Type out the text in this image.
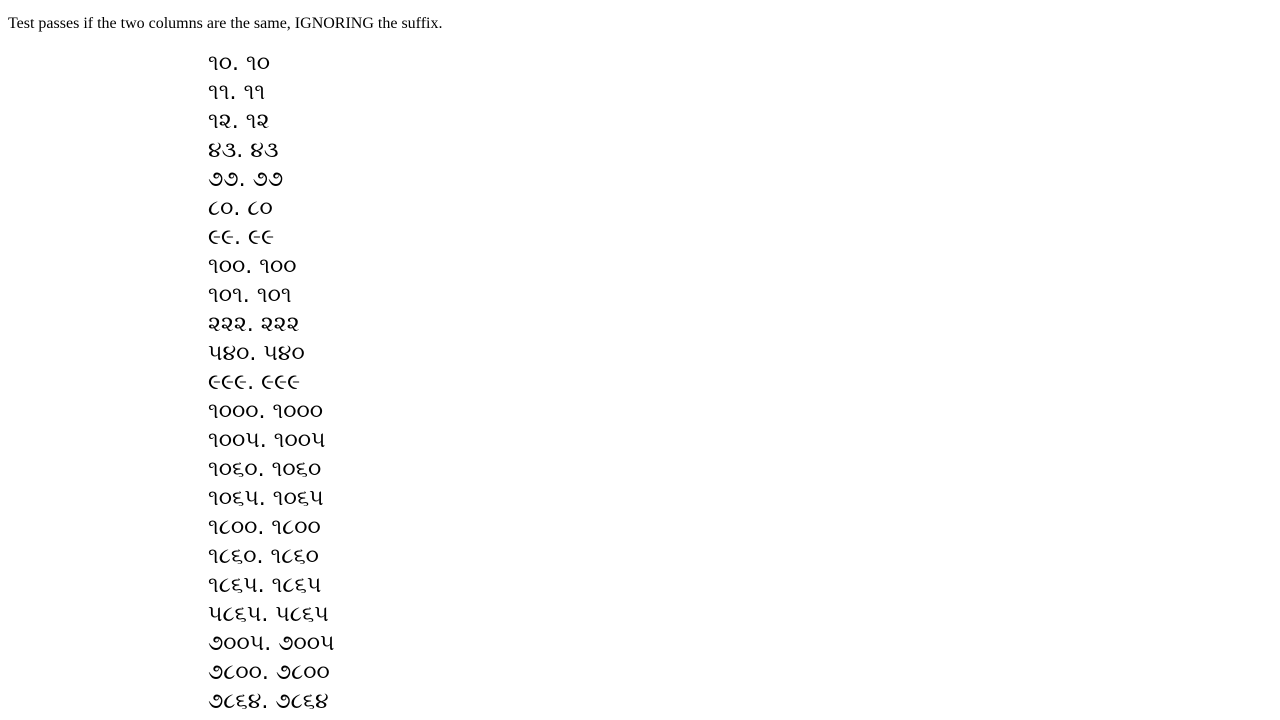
Test passes if the two columns are the same, IGNORING the suffix.

૧૦. ૧૦
૧૧. ૧૧
૧૨. ૧૨
૪૩. ૪૩
૭૭. ૭૭
૮૦. ૮૦
૯૯. ૯૯
૧૦૦. ૧૦૦
૧૦૧. ૧૦૧
૨૨૨. ૨૨૨
૫૪૦. ૫૪૦
૯૯૯. ૯૯૯
૧૦૦૦. ૧૦૦૦
૧૦૦૫. ૧૦૦૫
૧૦૬૦. ૧૦૬૦
૧૦૬૫. ૧૦૬૫
૧૮૦૦. ૧૮૦૦
૧૮૬૦. ૧૮૬૦
૧૮૬૫. ૧૮૬૫
૫૮૬૫. ૫૮૬૫
૭૦૦૫. ૭૦૦૫
૭૮૦૦. ૭૮૦૦
૭૮૬૪. ૭૮૬૪
